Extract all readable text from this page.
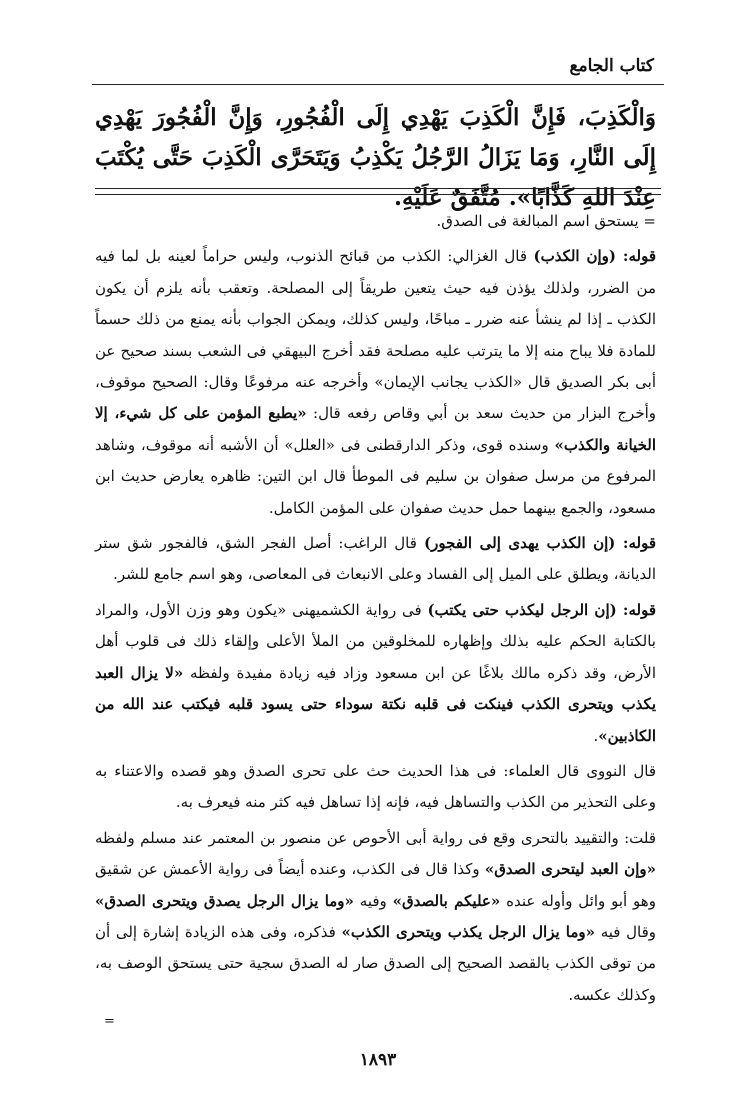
كتاب الجامع
وَالْكَذِبَ، فَإِنَّ الْكَذِبَ يَهْدِي إِلَى الْفُجُورِ، وَإِنَّ الْفُجُورَ يَهْدِي إِلَى النَّارِ، وَمَا يَزَالُ الرَّجُلُ يَكْذِبُ وَيَتَحَرَّى الْكَذِبَ حَتَّى يُكْتَبَ عِنْدَ اللهِ كَذَّابًا». مُتَّفَقٌ عَلَيْهِ.

= يستحق اسم المبالغة فى الصدق.

قوله: (وإن الكذب) قال الغزالي: الكذب من قبائح الذنوب، وليس حراماً لعينه بل لما فيه من الضرر، ولذلك يؤذن فيه حيث يتعين طريقاً إلى المصلحة. وتعقب بأنه يلزم أن يكون الكذب ـ إذا لم ينشأ عنه ضرر ـ مباحًا، وليس كذلك، ويمكن الجواب بأنه يمنع من ذلك حسماً للمادة فلا يباح منه إلا ما يترتب عليه مصلحة فقد أخرج البيهقي فى الشعب بسند صحيح عن أبى بكر الصديق قال «الكذب يجانب الإيمان» وأخرجه عنه مرفوعًا وقال: الصحيح موقوف، وأخرج البزار من حديث سعد بن أبي وقاص رفعه قال: «يطبع المؤمن على كل شيء، إلا الخيانة والكذب» وسنده قوى، وذكر الدارقطنى فى «العلل» أن الأشبه أنه موقوف، وشاهد المرفوع من مرسل صفوان بن سليم فى الموطأ قال ابن التين: ظاهره يعارض حديث ابن مسعود، والجمع بينهما حمل حديث صفوان على المؤمن الكامل.

قوله: (إن الكذب يهدى إلى الفجور) قال الراغب: أصل الفجر الشق، فالفجور شق ستر الديانة، ويطلق على الميل إلى الفساد وعلى الانبعاث فى المعاصى، وهو اسم جامع للشر.

قوله: (إن الرجل ليكذب حتى يكتب) فى رواية الكشميهنى «يكون وهو وزن الأول، والمراد بالكتابة الحكم عليه بذلك وإظهاره للمخلوقين من الملأ الأعلى وإلقاء ذلك فى قلوب أهل الأرض، وقد ذكره مالك بلاغًا عن ابن مسعود وزاد فيه زيادة مفيدة ولفظه «لا يزال العبد يكذب ويتحرى الكذب فينكت فى قلبه نكتة سوداء حتى يسود قلبه فيكتب عند الله من الكاذبين».

قال النووى قال العلماء: فى هذا الحديث حث على تحرى الصدق وهو قصده والاعتناء به وعلى التحذير من الكذب والتساهل فيه، فإنه إذا تساهل فيه كثر منه فيعرف به.

قلت: والتقييد بالتحرى وقع فى رواية أبى الأحوص عن منصور بن المعتمر عند مسلم ولفظه «وإن العبد ليتحرى الصدق» وكذا قال فى الكذب، وعنده أيضاً فى رواية الأعمش عن شقيق وهو أبو وائل وأوله عنده «عليكم بالصدق» وفيه «وما يزال الرجل يصدق ويتحرى الصدق» وقال فيه «وما يزال الرجل يكذب ويتحرى الكذب» فذكره، وفى هذه الزيادة إشارة إلى أن من توقى الكذب بالقصد الصحيح إلى الصدق صار له الصدق سجية حتى يستحق الوصف به، وكذلك عكسه.

=
١٨٩٣
